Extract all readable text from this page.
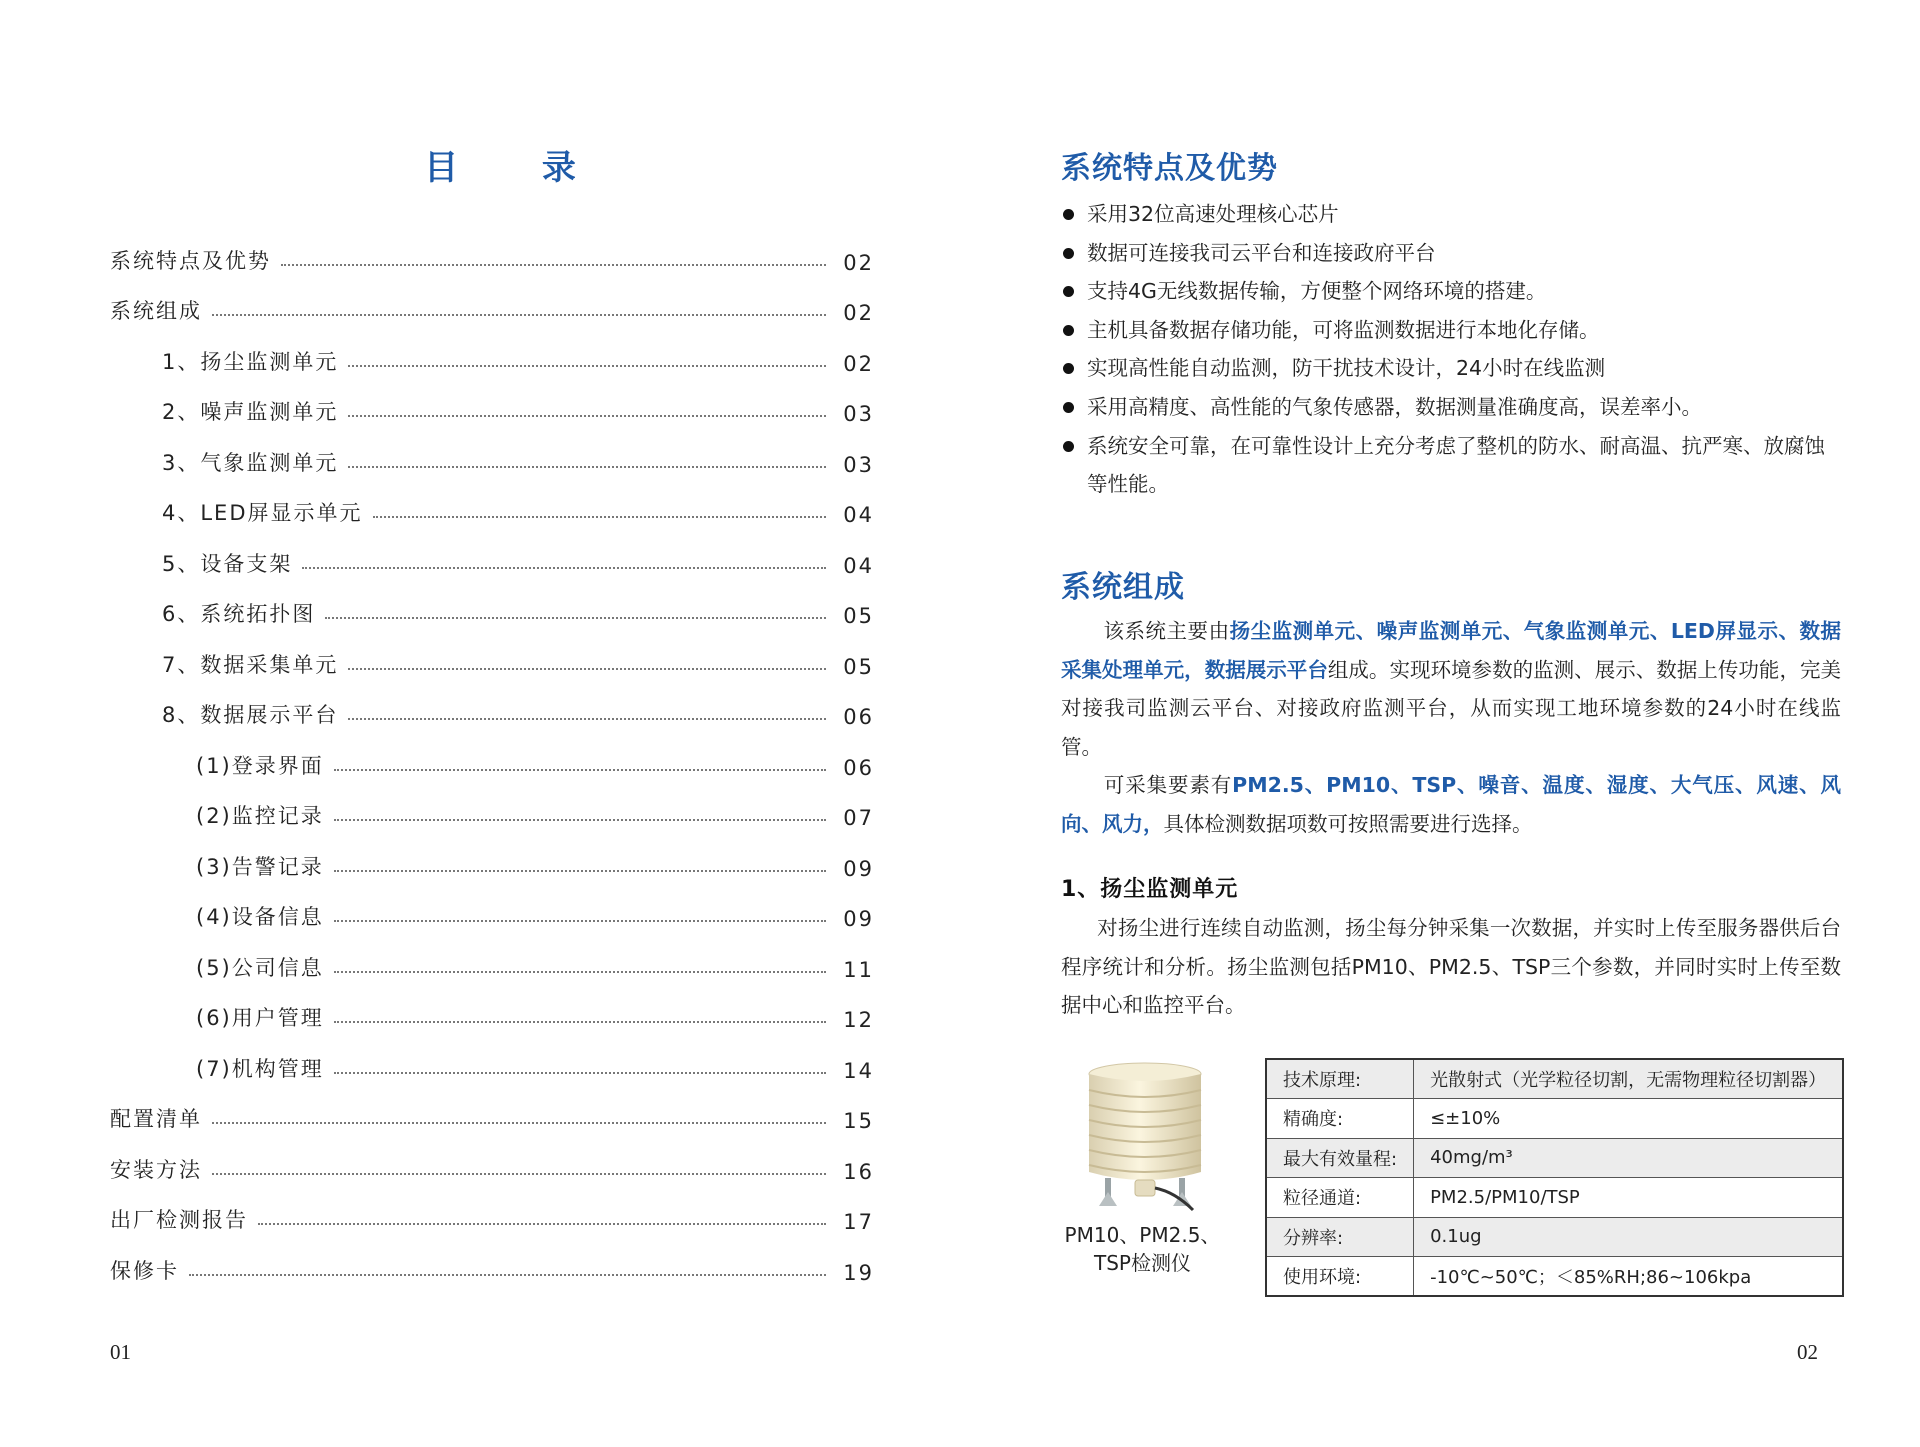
目 录
系统特点及优势	02
系统组成	02
1、扬尘监测单元	02
2、噪声监测单元	03
3、气象监测单元	03
4、LED屏显示单元	04
5、设备支架	04
6、系统拓扑图	05
7、数据采集单元	05
8、数据展示平台	06
(1)登录界面	06
(2)监控记录	07
(3)告警记录	09
(4)设备信息	09
(5)公司信息	11
(6)用户管理	12
(7)机构管理	14
配置清单	15
安装方法	16
出厂检测报告	17
保修卡	19
01
系统特点及优势
采用32位高速处理核心芯片
数据可连接我司云平台和连接政府平台
支持4G无线数据传输，方便整个网络环境的搭建。
主机具备数据存储功能，可将监测数据进行本地化存储。
实现高性能自动监测，防干扰技术设计，24小时在线监测
采用高精度、高性能的气象传感器，数据测量准确度高，误差率小。
系统安全可靠，在可靠性设计上充分考虑了整机的防水、耐高温、抗严寒、放腐蚀等性能。
系统组成

该系统主要由扬尘监测单元、噪声监测单元、气象监测单元、LED屏显示、数据采集处理单元，数据展示平台组成。实现环境参数的监测、展示、数据上传功能，完美对接我司监测云平台、对接政府监测平台，从而实现工地环境参数的24小时在线监管。

可采集要素有PM2.5、PM10、TSP、噪音、温度、湿度、大气压、风速、风向、风力，具体检测数据项数可按照需要进行选择。

1、扬尘监测单元

对扬尘进行连续自动监测，扬尘每分钟采集一次数据，并实时上传至服务器供后台程序统计和分析。扬尘监测包括PM10、PM2.5、TSP三个参数，并同时实时上传至数据中心和监控平台。

PM10、PM2.5、
TSP检测仪
技术原理:	光散射式（光学粒径切割，无需物理粒径切割器）
精确度:	≤±10%
最大有效量程:	40mg/m³
粒径通道:	PM2.5/PM10/TSP
分辨率:	0.1ug
使用环境:	-10℃~50℃；＜85%RH;86~106kpa
02
